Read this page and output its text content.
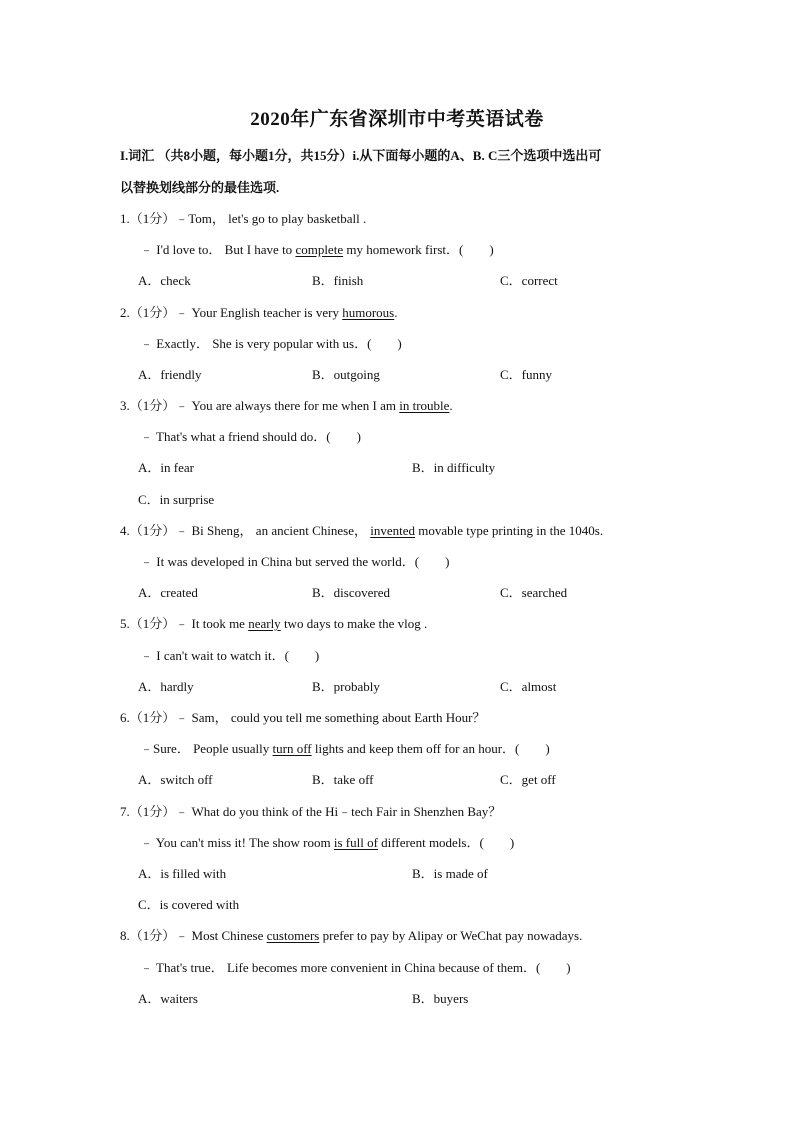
2020年广东省深圳市中考英语试卷
I.词汇 （共8小题，每小题1分，共15分）i.从下面每小题的A、B. C三个选项中选出可
以替换划线部分的最佳选项.
1.（1分）﹣Tom， let's go to play basketball .
﹣ I'd love to． But I have to complete my homework first．(　　)
A．check	B．finish	C．correct
2.（1分）﹣ Your English teacher is very humorous.
﹣ Exactly． She is very popular with us．(　　)
A．friendly	B．outgoing	C．funny
3.（1分）﹣ You are always there for me when I am in trouble.
﹣ That's what a friend should do．(　　)
A．in fear	B．in difficulty
C．in surprise
4.（1分）﹣ Bi Sheng， an ancient Chinese， invented movable type printing in the 1040s.
﹣ It was developed in China but served the world．(　　)
A．created	B．discovered	C．searched
5.（1分）﹣ It took me nearly two days to make the vlog .
﹣ I can't wait to watch it．(　　)
A．hardly	B．probably	C．almost
6.（1分）﹣ Sam， could you tell me something about Earth Hour？
﹣Sure． People usually turn off lights and keep them off for an hour．(　　)
A．switch off	B．take off	C．get off
7.（1分）﹣ What do you think of the Hi﹣tech Fair in Shenzhen Bay？
﹣ You can't miss it! The show room is full of different models．(　　)
A．is filled with	B．is made of
C．is covered with
8.（1分）﹣ Most Chinese customers prefer to pay by Alipay or WeChat pay nowadays.
﹣ That's true． Life becomes more convenient in China because of them．(　　)
A．waiters	B．buyers
